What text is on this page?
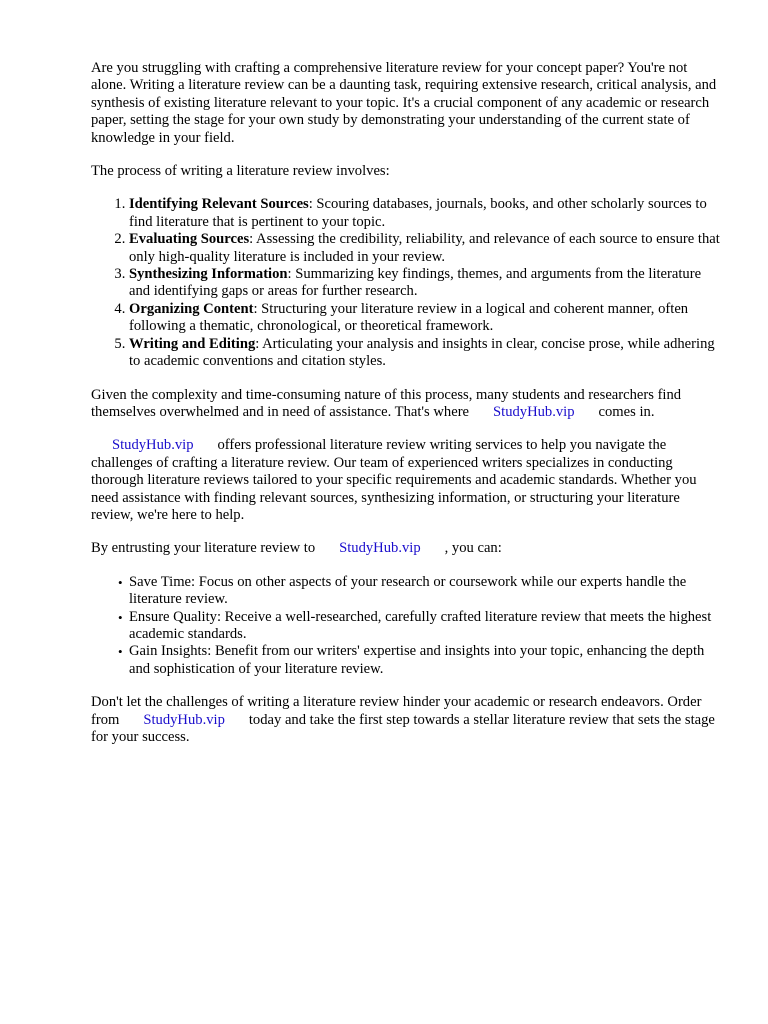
Are you struggling with crafting a comprehensive literature review for your concept paper? You're not alone. Writing a literature review can be a daunting task, requiring extensive research, critical analysis, and synthesis of existing literature relevant to your topic. It's a crucial component of any academic or research paper, setting the stage for your own study by demonstrating your understanding of the current state of knowledge in your field.

The process of writing a literature review involves:

1. Identifying Relevant Sources: Scouring databases, journals, books, and other scholarly sources to find literature that is pertinent to your topic.
2. Evaluating Sources: Assessing the credibility, reliability, and relevance of each source to ensure that only high-quality literature is included in your review.
3. Synthesizing Information: Summarizing key findings, themes, and arguments from the literature and identifying gaps or areas for further research.
4. Organizing Content: Structuring your literature review in a logical and coherent manner, often following a thematic, chronological, or theoretical framework.
5. Writing and Editing: Articulating your analysis and insights in clear, concise prose, while adhering to academic conventions and citation styles.

Given the complexity and time-consuming nature of this process, many students and researchers find themselves overwhelmed and in need of assistance. That's where StudyHub.vip comes in.

StudyHub.vip offers professional literature review writing services to help you navigate the challenges of crafting a literature review. Our team of experienced writers specializes in conducting thorough literature reviews tailored to your specific requirements and academic standards. Whether you need assistance with finding relevant sources, synthesizing information, or structuring your literature review, we're here to help.

By entrusting your literature review to StudyHub.vip , you can:

• Save Time: Focus on other aspects of your research or coursework while our experts handle the literature review.
• Ensure Quality: Receive a well-researched, carefully crafted literature review that meets the highest academic standards.
• Gain Insights: Benefit from our writers' expertise and insights into your topic, enhancing the depth and sophistication of your literature review.

Don't let the challenges of writing a literature review hinder your academic or research endeavors. Order from StudyHub.vip today and take the first step towards a stellar literature review that sets the stage for your success.
